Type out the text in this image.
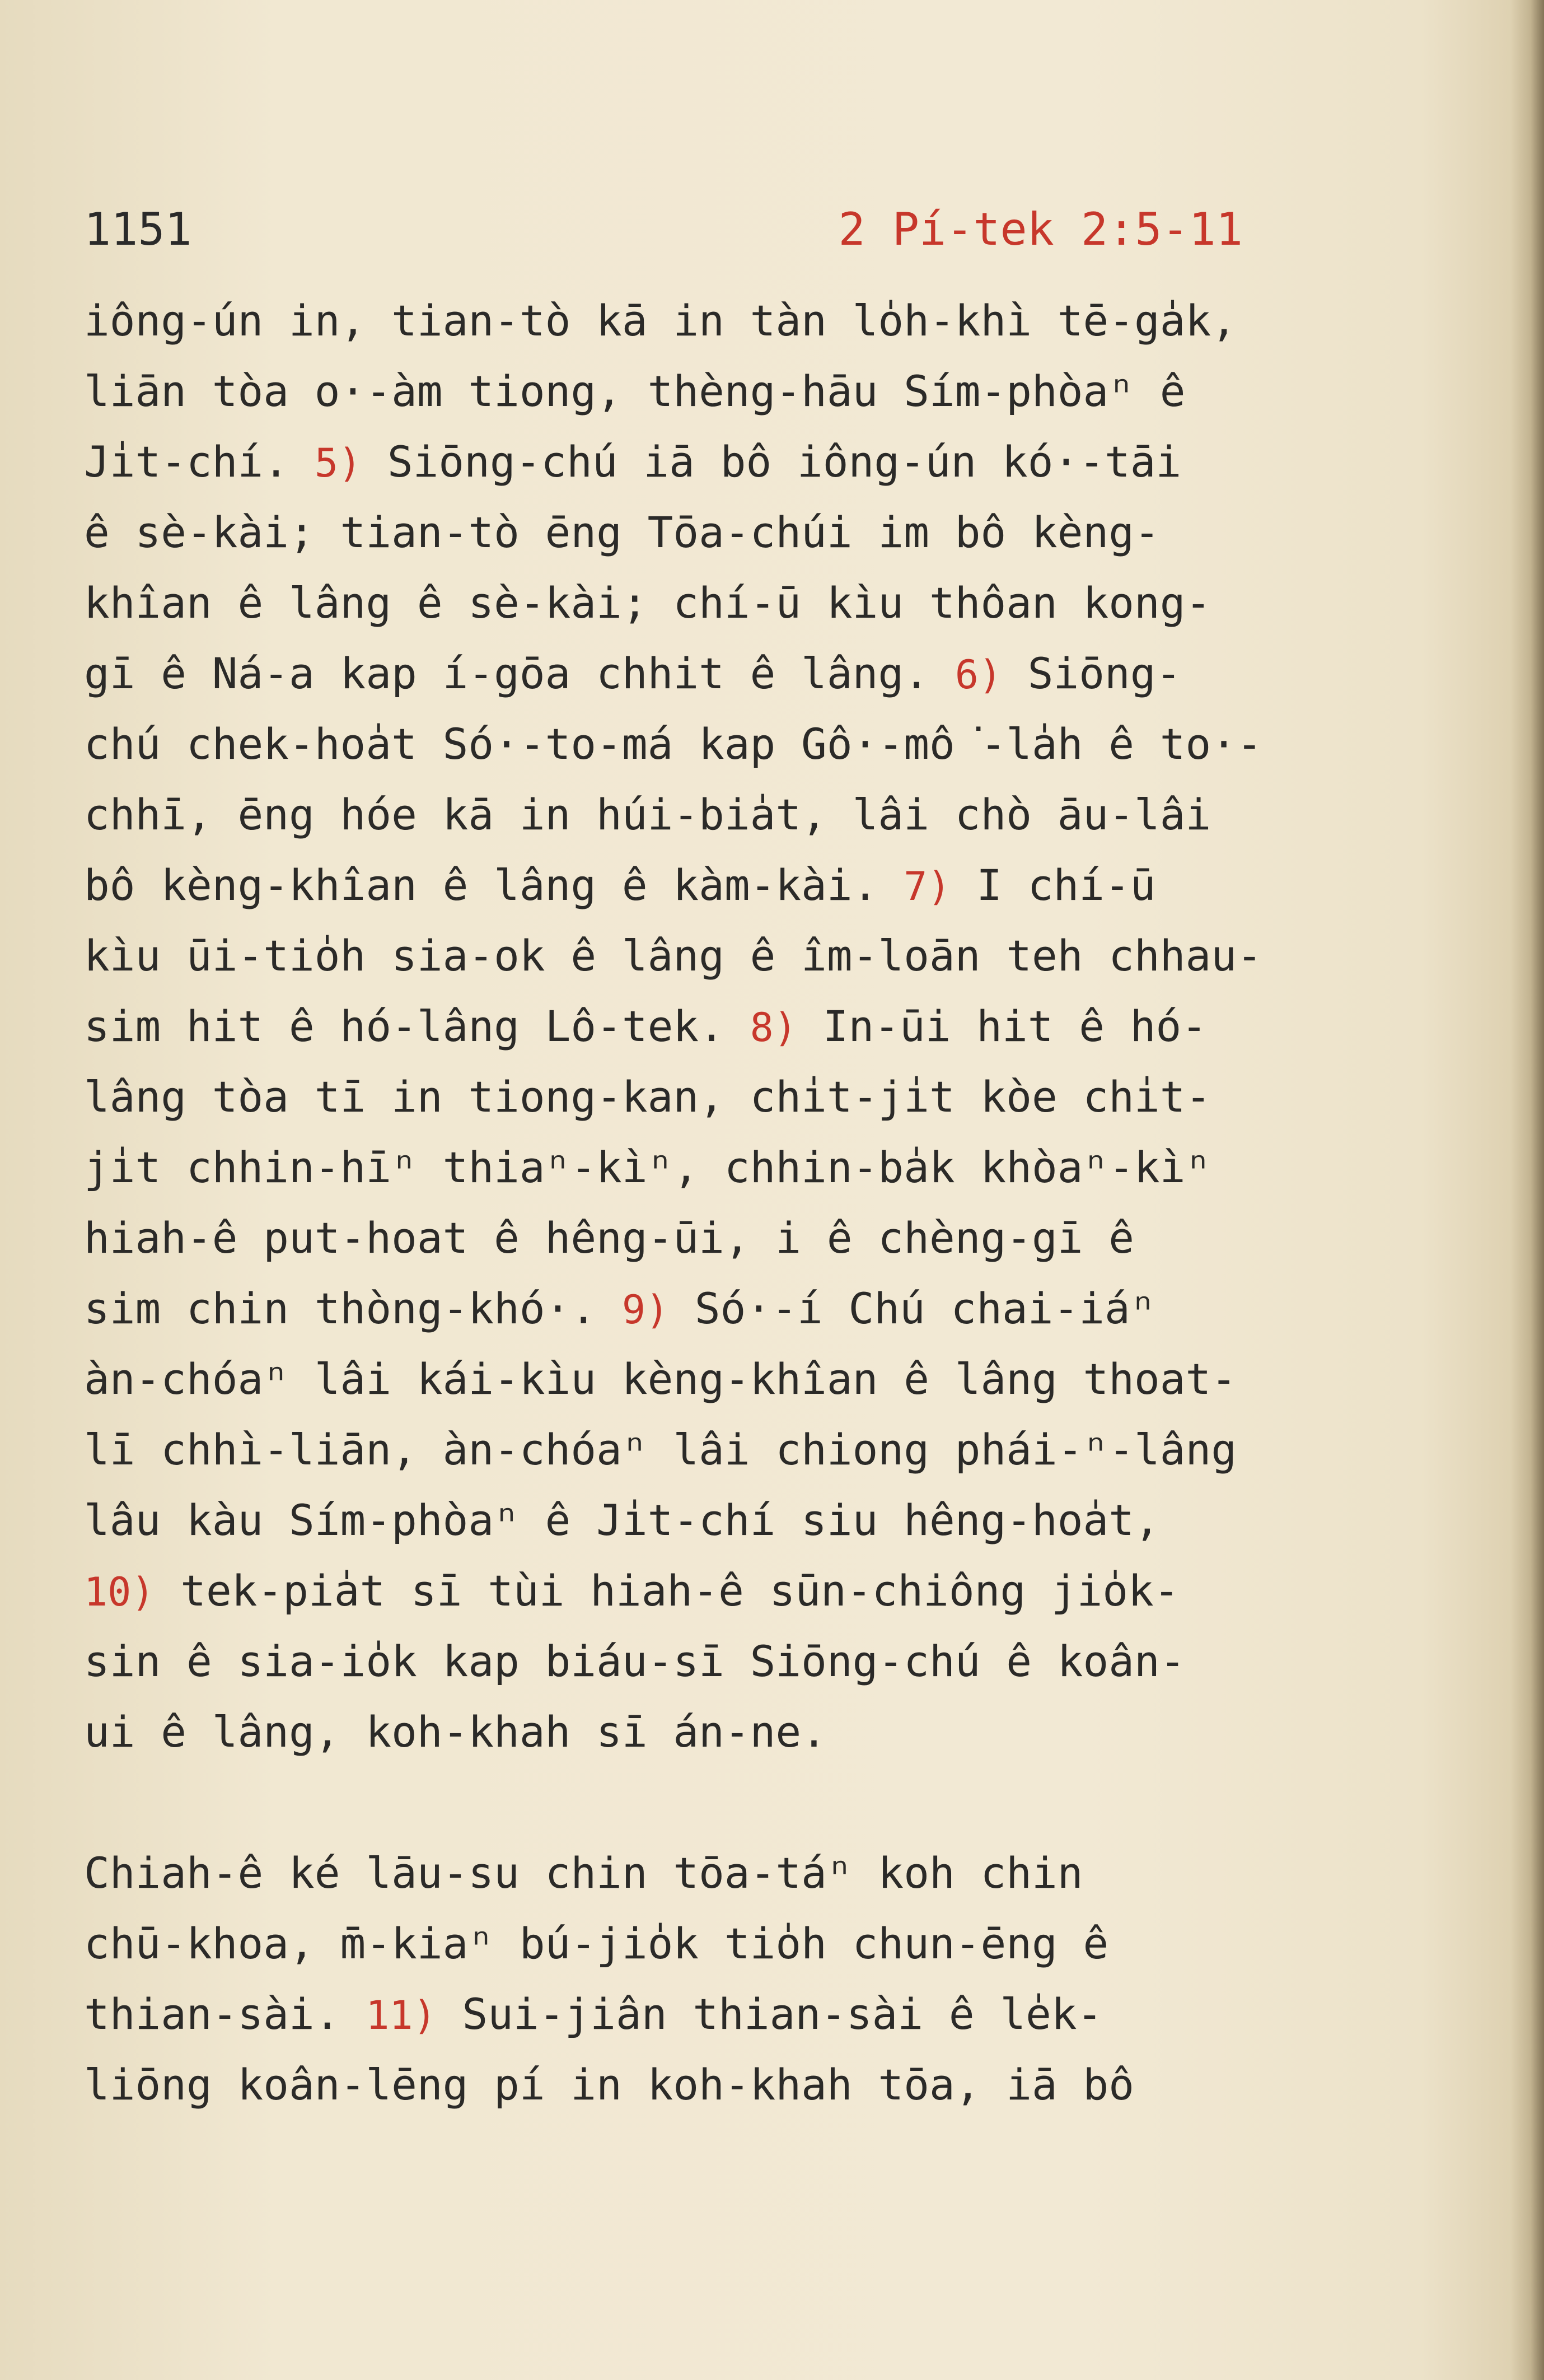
1151	2 Pí-tek 2:5-11
iông-ún in, tian-tò kā in tàn lo̍h-khì tē-ga̍k,
liān tòa o·-àm tiong, thèng-hāu Sím-phòaⁿ ê
Ji̍t-chí. 5) Siōng-chú iā bô iông-ún kó·-tāi
ê sè-kài; tian-tò ēng Tōa-chúi im bô kèng-
khîan ê lâng ê sè-kài; chí-ū kìu thôan kong-
gī ê Ná-a kap í-gōa chhit ê lâng. 6) Siōng-
chú chek-hoa̍t Só·-to-má kap Gô·-mô͘-la̍h ê to·-
chhī, ēng hóe kā in húi-bia̍t, lâi chò āu-lâi
bô kèng-khîan ê lâng ê kàm-kài. 7) I chí-ū
kìu ūi-tio̍h sia-ok ê lâng ê îm-loān teh chhau-
sim hit ê hó-lâng Lô-tek. 8) In-ūi hit ê hó-
lâng tòa tī in tiong-kan, chi̍t-ji̍t kòe chi̍t-
ji̍t chhin-hīⁿ thiaⁿ-kìⁿ, chhin-ba̍k khòaⁿ-kìⁿ
hiah-ê put-hoat ê hêng-ūi, i ê chèng-gī ê
sim chin thòng-khó·. 9) Só·-í Chú chai-iáⁿ
àn-chóaⁿ lâi kái-kìu kèng-khîan ê lâng thoat-
lī chhì-liān, àn-chóaⁿ lâi chiong phái-ⁿ-lâng
lâu kàu Sím-phòaⁿ ê Ji̍t-chí siu hêng-hoa̍t,
10) tek-pia̍t sī tùi hiah-ê sūn-chiông jio̍k-
sin ê sia-io̍k kap biáu-sī Siōng-chú ê koân-
ui ê lâng, koh-khah sī án-ne.
Chiah-ê ké lāu-su chin tōa-táⁿ koh chin
chū-khoa, m̄-kiaⁿ bú-jio̍k tio̍h chun-ēng ê
thian-sài. 11) Sui-jiân thian-sài ê le̍k-
liōng koân-lēng pí in koh-khah tōa, iā bô
